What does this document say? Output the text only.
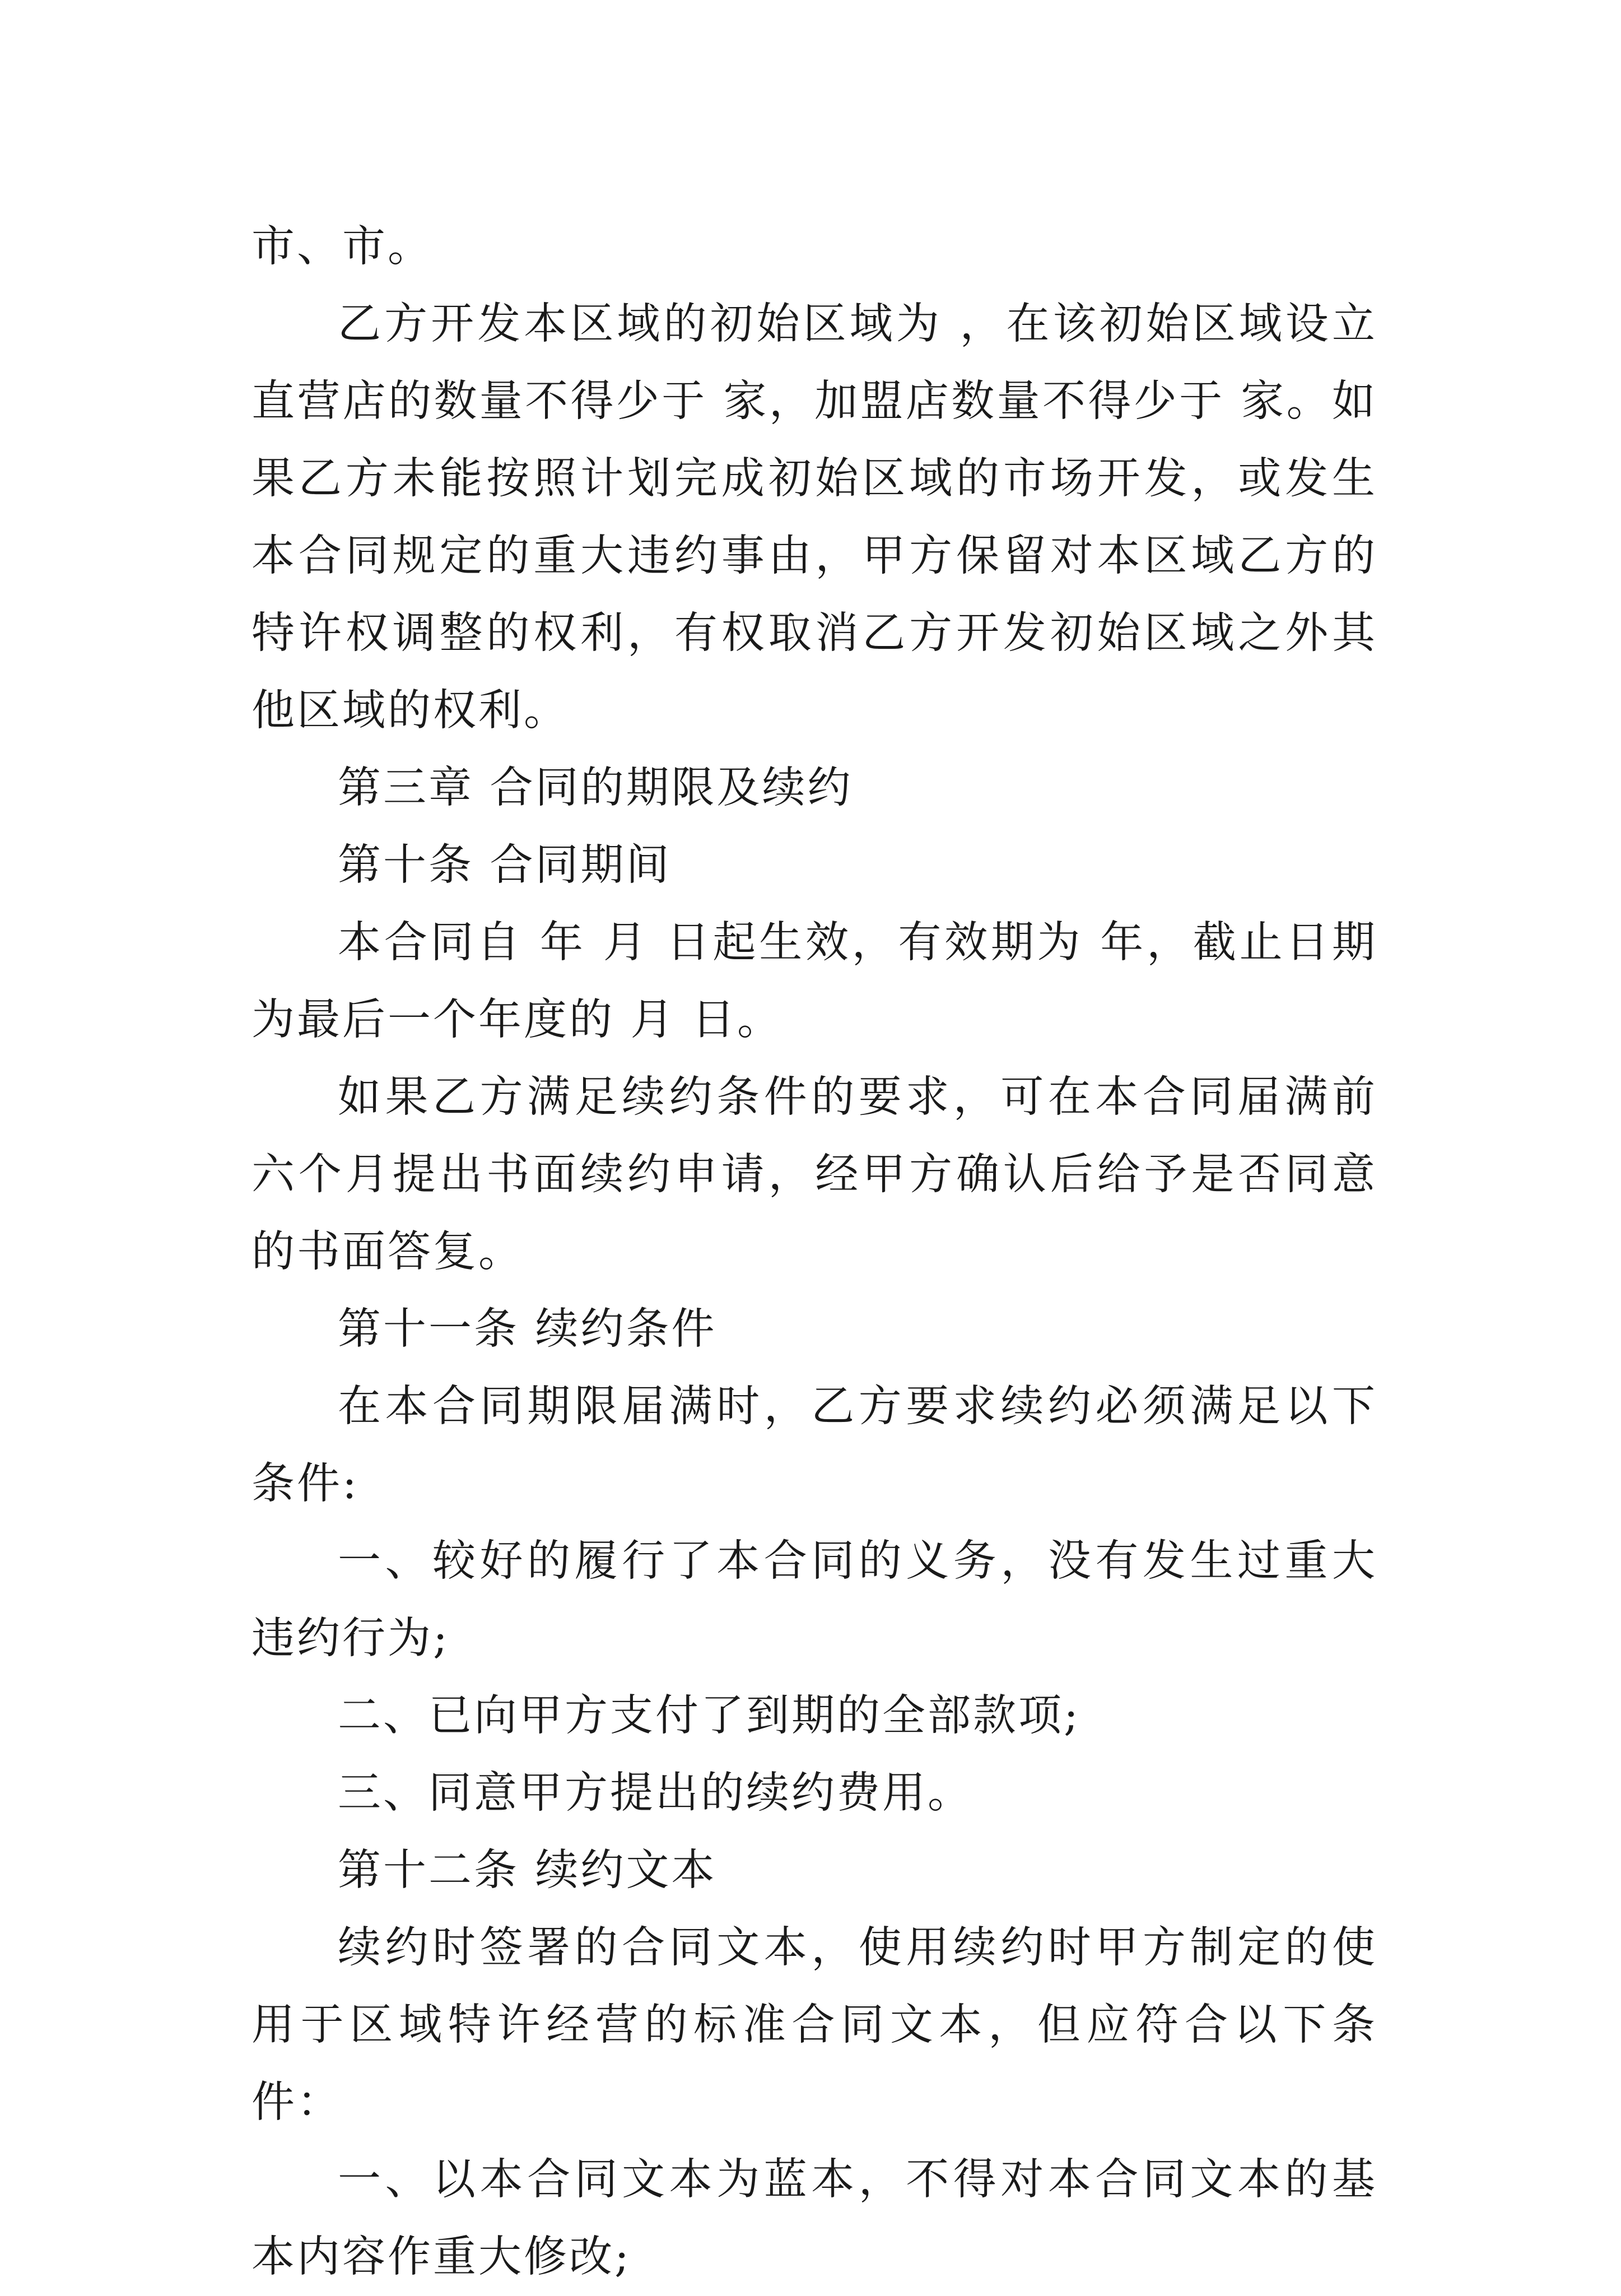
市、市。

乙方开发本区域的初始区域为 ，在该初始区域设立直营店的数量不得少于 家，加盟店数量不得少于 家。如果乙方未能按照计划完成初始区域的市场开发，或发生本合同规定的重大违约事由，甲方保留对本区域乙方的特许权调整的权利，有权取消乙方开发初始区域之外其他区域的权利。

第三章 合同的期限及续约

第十条 合同期间

本合同自 年 月 日起生效，有效期为 年，截止日期为最后一个年度的 月 日。

如果乙方满足续约条件的要求，可在本合同届满前六个月提出书面续约申请，经甲方确认后给予是否同意的书面答复。

第十一条 续约条件

在本合同期限届满时，乙方要求续约必须满足以下条件:

一、较好的履行了本合同的义务，没有发生过重大违约行为;

二、已向甲方支付了到期的全部款项;

三、同意甲方提出的续约费用。

第十二条 续约文本

续约时签署的合同文本，使用续约时甲方制定的使用于区域特许经营的标准合同文本，但应符合以下条件：

一、以本合同文本为蓝本，不得对本合同文本的基本内容作重大修改;
